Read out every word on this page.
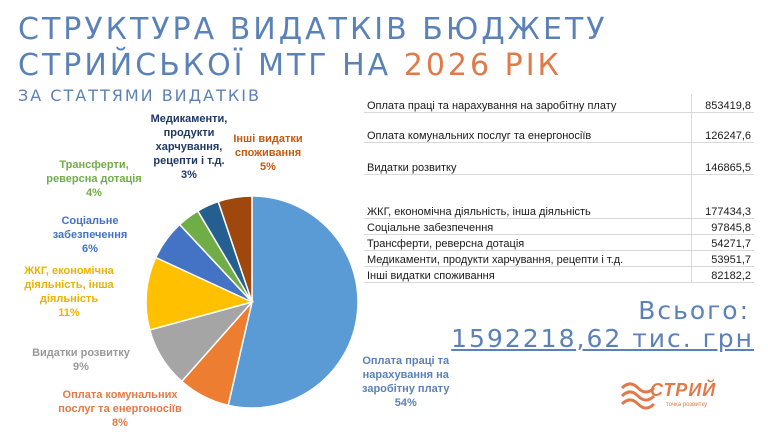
СТРУКТУРА ВИДАТКІВ БЮДЖЕТУ
СТРИЙСЬКОЇ МТГ НА 2026 РІК
ЗА СТАТТЯМИ ВИДАТКІВ
Оплата праці та
нарахування на
заробітну плату
54%
Оплата комунальних
послуг та енергоносіїв
8%
Видатки розвитку
9%
ЖКГ, економічна
діяльність, інша
діяльність
11%
Соціальне
забезпечення
6%
Трансферти,
реверсна дотація
4%
Медикаменти,
продукти
харчування,
рецепти і т.д.
3%
Інші видатки
споживання
5%
Оплата праці та нарахування на заробітну плату	853419,8
Оплата комунальних послуг та енергоносіїв	126247,6
Видатки розвитку	146865,5
ЖКГ, економічна діяльність, інша діяльність	177434,3
Соціальне забезпечення	97845,8
Трансферти, реверсна дотація	54271,7
Медикаменти, продукти харчування, рецепти і т.д.	53951,7
Інші видатки споживання	82182,2
Всього:
1592218,62 тис. грн
СТРИЙ
точка розвитку
